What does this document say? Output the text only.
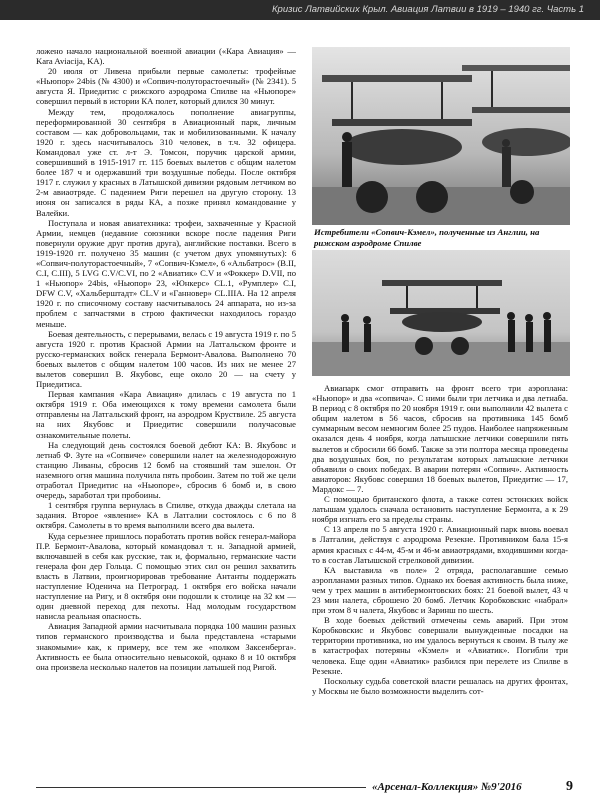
Кризис Латвийских Крыл. Авиация Латвии в 1919 – 1940 гг. Часть 1

ложено начало национальной военной авиации («Кара Авиация» — Kara Aviacija, KA).

20 июля от Ливена прибыли первые самолеты: трофейные «Ньюпор» 24bis (№ 4300) и «Сопвич-полуторастоечный» (№ 2341). 5 августа Я. Приедитис с рижского аэродрома Спилве на «Ньюпоре» совершил первый в истории КА полет, который длился 30 минут.

Между тем, продолжалось пополнение авиагруппы, переформированной 30 сентября в Авиационный парк, личным составом — как добровольцами, так и мобилизованными. К началу 1920 г. здесь насчитывалось 310 человек, в т.ч. 32 офицера. Командовал уже ст. л-т Э. Томсон, поручик царской армии, совершивший в 1915-1917 гг. 115 боевых вылетов с общим налетом более 187 ч и одержавший три воздушные победы. После октября 1917 г. служил у красных в Латышской дивизии рядовым летчиком во 2-м авиаотряде. С падением Риги перешел на другую сторону. 13 июня он записался в ряды КА, а позже принял командование у Валейки.

Поступала и новая авиатехника: трофеи, захваченные у Красной Армии, немцев (недавние союзники вскоре после падения Риги повернули оружие друг против друга), английские поставки. Всего в 1919-1920 гг. получено 35 машин (с учетом двух упомянутых): 6 «Сопвич-полуторастоечный», 7 «Сопвич-Кэмел», 6 «Альбатрос» (B.II, C.I, C.III), 5 LVG C.V/C.VI, по 2 «Авиатик» C.V и «Фоккер» D.VII, по 1 «Ньюпор» 24bis, «Ньюпор» 23, «Юнкерс» CL.1, «Румплер» C.I, DFW C.V, «Хальберштадт» CL.V и «Ганновер» CL.IIIA. На 12 апреля 1920 г. по списочному составу насчитывалось 24 аппарата, но из-за проблем с запчастями в строю фактически находилось гораздо меньше.

Боевая деятельность, с перерывами, велась с 19 августа 1919 г. по 5 августа 1920 г. против Красной Армии на Латгальском фронте и русско-германских войск генерала Бермонт-Авалова. Выполнено 70 боевых вылетов с общим налетом 100 часов. Из них не менее 27 вылетов совершил В. Якубовс, еще около 20 — на счету у Приедитиса.

Первая кампания «Кара Авиация» длилась с 19 августа по 1 октября 1919 г. Оба имеющихся к тому времени самолета были отправлены на Латгальский фронт, на аэродром Круствиле. 25 августа на них Якубовс и Приедитис совершили получасовые ознакомительные полеты.

На следующий день состоялся боевой дебют КА: В. Якубовс и летнаб Ф. Зуте на «Сопвиче» совершили налет на железнодорожную станцию Ливаны, сбросив 12 бомб на стоявший там эшелон. От наземного огня машина получила пять пробоин. Затем по той же цели отработал Приедитис на «Ньюпоре», сбросив 6 бомб и, в свою очередь, заработал три пробоины.

1 сентября группа вернулась в Спилве, откуда дважды слетала на задания. Второе «явление» КА в Латгалии состоялось с 6 по 8 октября. Самолеты в то время выполнили всего два вылета.

Куда серьезнее пришлось поработать против войск генерал-майора П.Р. Бермонт-Авалова, который командовал т. н. Западной армией, включавшей в себя как русские, так и, формально, германские части генерала фон дер Гольца. С помощью этих сил он решил захватить власть в Латвии, проигнорировав требование Антанты поддержать наступление Юденича на Петроград. 1 октября его войска начали наступление на Ригу, и 8 октября они подошли к столице на 32 км — один дневной переход для пехоты. Над молодым государством нависла реальная опасность.

Авиация Западной армии насчитывала порядка 100 машин разных типов германского производства и была представлена «старыми знакомыми» как, к примеру, все тем же «полком Заксенберга». Активность ее была относительно невысокой, однако 8 и 10 октября она произвела несколько налетов на позиции латышей под Ригой.

Истребители «Сопвич-Кэмел», полученные из Англии, на рижском аэродроме Спилве

Авиапарк смог отправить на фронт всего три аэроплана: «Ньюпор» и два «сопвича». С ними были три летчика и два летнаба. В период с 8 октября по 20 ноября 1919 г. они выполнили 42 вылета с общим налетом в 56 часов, сбросив на противника 145 бомб суммарным весом немногим более 25 пудов. Наиболее напряженным оказался день 4 ноября, когда латышские летчики совершили пять вылетов и сбросили 66 бомб. Также за эти полтора месяца проведены два воздушных боя, по результатам которых латышские летчики объявили о своих победах. В аварии потерян «Сопвич». Активность авиаторов: Якубовс совершил 18 боевых вылетов, Приедитис — 17, Мардокс — 7.

С помощью британского флота, а также сотен эстонских войск латышам удалось сначала остановить наступление Бермонта, а к 29 ноября изгнать его за пределы страны.

С 13 апреля по 5 августа 1920 г. Авиационный парк вновь воевал в Латгалии, действуя с аэродрома Резекне. Противником бала 15-я армия красных с 44-м, 45-м и 46-м авиаотрядами, входившими когда-то в состав Латышской стрелковой дивизии.

КА выставила «в поле» 2 отряда, располагавшие семью аэропланами разных типов. Однако их боевая активность была ниже, чем у трех машин в антибермонтовских боях: 21 боевой вылет, 43 ч 23 мин налета, сброшено 20 бомб. Летчик Коробковскис «набрал» при этом 8 ч налета, Якубовс и Заринш по шесть.

В ходе боевых действий отмечены семь аварий. При этом Коробковскис и Якубовс совершали вынужденные посадки на территории противника, но им удалось вернуться к своим. В тылу же в катастрофах потеряны «Кэмел» и «Авиатик». Погибли три человека. Еще один «Авиатик» разбился при перелете из Спилве в Резекне.

Поскольку судьба советской власти решалась на других фронтах, у Москвы не было возможности выделить сот-

«Арсенал-Коллекция» №9'2016	9
